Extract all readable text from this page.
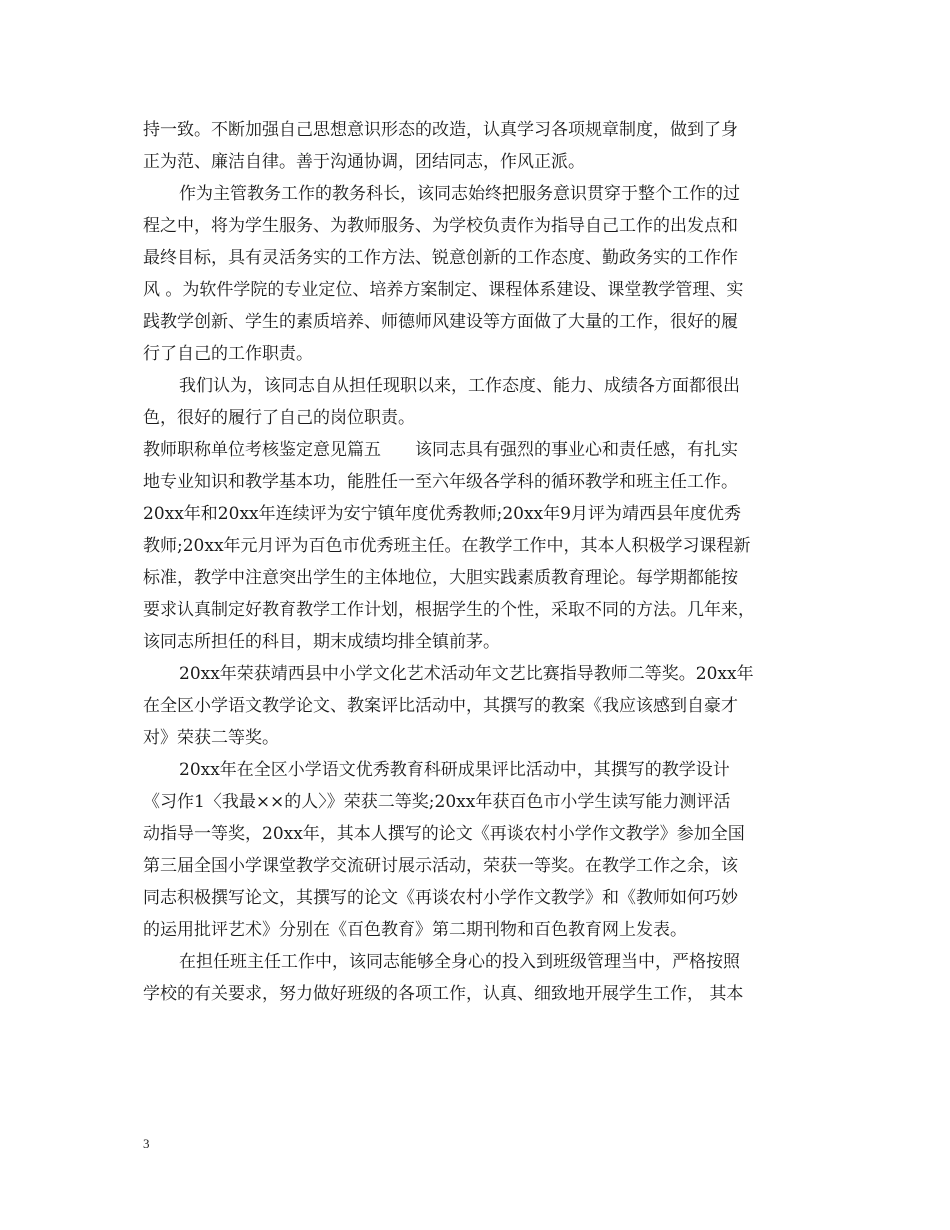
持一致。不断加强自己思想意识形态的改造，认真学习各项规章制度，做到了身
正为范、廉洁自律。善于沟通协调，团结同志，作风正派。
作为主管教务工作的教务科长，该同志始终把服务意识贯穿于整个工作的过
程之中，将为学生服务、为教师服务、为学校负责作为指导自己工作的出发点和
最终目标，具有灵活务实的工作方法、锐意创新的工作态度、勤政务实的工作作
风 。为软件学院的专业定位、培养方案制定、课程体系建设、课堂教学管理、实
践教学创新、学生的素质培养、师德师风建设等方面做了大量的工作，很好的履
行了自己的工作职责。
我们认为，该同志自从担任现职以来，工作态度、能力、成绩各方面都很出
色，很好的履行了自己的岗位职责。
教师职称单位考核鉴定意见篇五　　该同志具有强烈的事业心和责任感，有扎实
地专业知识和教学基本功，能胜任一至六年级各学科的循环教学和班主任工作。
20xx年和20xx年连续评为安宁镇年度优秀教师;20xx年9月评为靖西县年度优秀
教师;20xx年元月评为百色市优秀班主任。在教学工作中，其本人积极学习课程新
标准，教学中注意突出学生的主体地位，大胆实践素质教育理论。每学期都能按
要求认真制定好教育教学工作计划，根据学生的个性，采取不同的方法。几年来，
该同志所担任的科目，期末成绩均排全镇前茅。
20xx年荣获靖西县中小学文化艺术活动年文艺比赛指导教师二等奖。20xx年
在全区小学语文教学论文、教案评比活动中，其撰写的教案《我应该感到自豪才
对》荣获二等奖。
20xx年在全区小学语文优秀教育科研成果评比活动中，其撰写的教学设计
《习作1〈我最××的人〉》荣获二等奖;20xx年获百色市小学生读写能力测评活
动指导一等奖，20xx年，其本人撰写的论文《再谈农村小学作文教学》参加全国
第三届全国小学课堂教学交流研讨展示活动，荣获一等奖。在教学工作之余，该
同志积极撰写论文，其撰写的论文《再谈农村小学作文教学》和《教师如何巧妙
的运用批评艺术》分别在《百色教育》第二期刊物和百色教育网上发表。
在担任班主任工作中，该同志能够全身心的投入到班级管理当中，严格按照
学校的有关要求，努力做好班级的各项工作，认真、细致地开展学生工作， 其本
3
